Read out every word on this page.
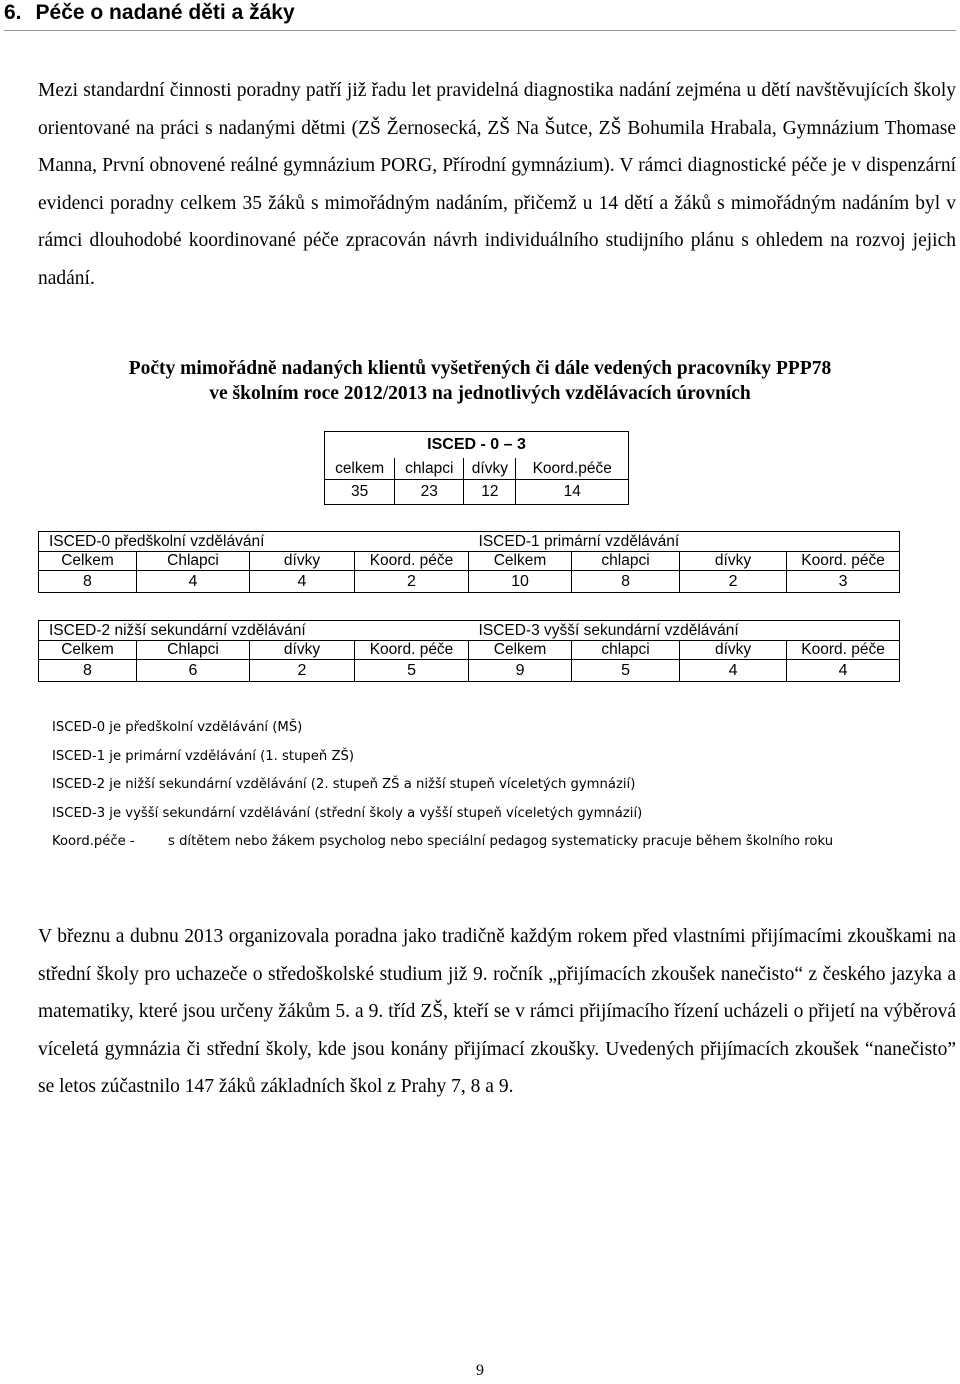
6. Péče o nadané děti a žáky

Mezi standardní činnosti poradny patří již řadu let pravidelná diagnostika nadání zejména u dětí navštěvujících školy orientované na práci s nadanými dětmi (ZŠ Žernosecká, ZŠ Na Šutce, ZŠ Bohumila Hrabala, Gymnázium Thomase Manna, První obnovené reálné gymnázium PORG, Přírodní gymnázium). V rámci diagnostické péče je v dispenzární evidenci poradny celkem 35 žáků s mimořádným nadáním, přičemž u 14 dětí a žáků s mimořádným nadáním byl v rámci dlouhodobé koordinované péče zpracován návrh individuálního studijního plánu s ohledem na rozvoj jejich nadání.

Počty mimořádně nadaných klientů vyšetřených či dále vedených pracovníky PPP78
ve školním roce 2012/2013 na jednotlivých vzdělávacích úrovních
ISCED - 0 – 3			
celkem	chlapci	dívky	Koord.péče
35	23	12	14
ISCED-0 předškolní vzdělávání				ISCED-1 primární vzdělávání			
Celkem	Chlapci	dívky	Koord. péče	Celkem	chlapci	dívky	Koord. péče
8	4	4	2	10	8	2	3
ISCED-2 nižší sekundární vzdělávání				ISCED-3 vyšší sekundární vzdělávání			
Celkem	Chlapci	dívky	Koord. péče	Celkem	chlapci	dívky	Koord. péče
8	6	2	5	9	5	4	4
ISCED-0 je předškolní vzdělávání (MŠ)
ISCED-1 je primární vzdělávání (1. stupeň ZŠ)
ISCED-2 je nižší sekundární vzdělávání (2. stupeň ZŠ a nižší stupeň víceletých gymnázií)
ISCED-3 je vyšší sekundární vzdělávání (střední školy a vyšší stupeň víceletých gymnázií)
Koord.péče -	s dítětem nebo žákem psycholog nebo speciální pedagog systematicky pracuje během školního roku

V březnu a dubnu 2013 organizovala poradna jako tradičně každým rokem před vlastními přijímacími zkouškami na střední školy pro uchazeče o středoškolské studium již 9. ročník „přijímacích zkoušek nanečisto“ z českého jazyka a matematiky, které jsou určeny žákům 5. a 9. tříd ZŠ, kteří se v rámci přijímacího řízení ucházeli o přijetí na výběrová víceletá gymnázia či střední školy, kde jsou konány přijímací zkoušky. Uvedených přijímacích zkoušek “nanečisto” se letos zúčastnilo 147 žáků základních škol z Prahy 7, 8 a 9.

9
